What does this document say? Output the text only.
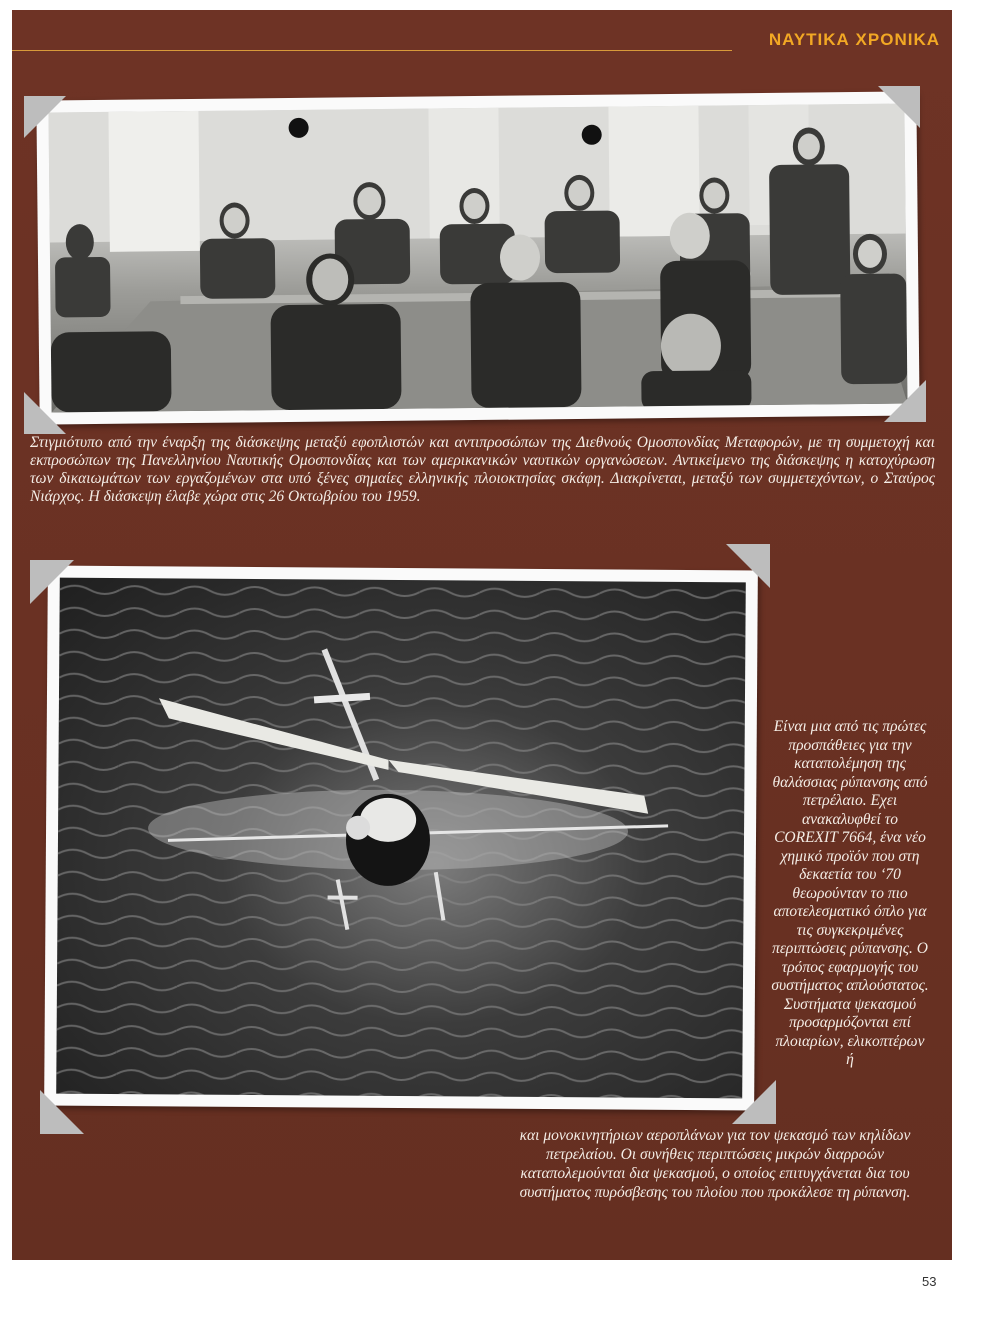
ΝΑΥΤΙΚΑ ΧΡΟΝΙΚΑ
Στιγμιότυπο από την έναρξη της διάσκεψης μεταξύ εφοπλιστών και αντιπροσώπων της Διεθνούς Ομοσπονδίας Μεταφορών, με τη συμμετοχή και εκπροσώπων της Πανελληνίου Ναυτικής Ομοσπονδίας και των αμερικανικών ναυτικών οργανώσεων. Αντικείμενο της διάσκεψης η κατοχύρωση των δικαιωμάτων των εργαζομένων στα υπό ξένες σημαίες ελληνικής πλοιοκτησίας σκάφη. Διακρίνεται, μεταξύ των συμμετεχόντων, ο Σταύρος Νιάρχος. Η διάσκεψη έλαβε χώρα στις 26 Οκτωβρίου του 1959.
Είναι μια από τις πρώτες προσπάθειες για την καταπολέμηση της θαλάσσιας ρύπανσης από πετρέλαιο. Εχει ανακαλυφθεί το COREXIT 7664, ένα νέο χημικό προϊόν που στη δεκαετία του ‘70 θεωρούνταν το πιο αποτελεσματικό όπλο για τις συγκεκριμένες περιπτώσεις ρύπανσης. Ο τρόπος εφαρμογής του συστήματος απλούστατος. Συστήματα ψεκασμού προσαρμόζονται επί πλοιαρίων, ελικοπτέρων ή
και μονοκινητήριων αεροπλάνων για τον ψεκασμό των κηλίδων πετρελαίου. Οι συνήθεις περιπτώσεις μικρών διαρροών καταπολεμούνται δια ψεκασμού, ο οποίος επιτυγχάνεται δια του συστήματος πυρόσβεσης του πλοίου που προκάλεσε τη ρύπανση.
53
